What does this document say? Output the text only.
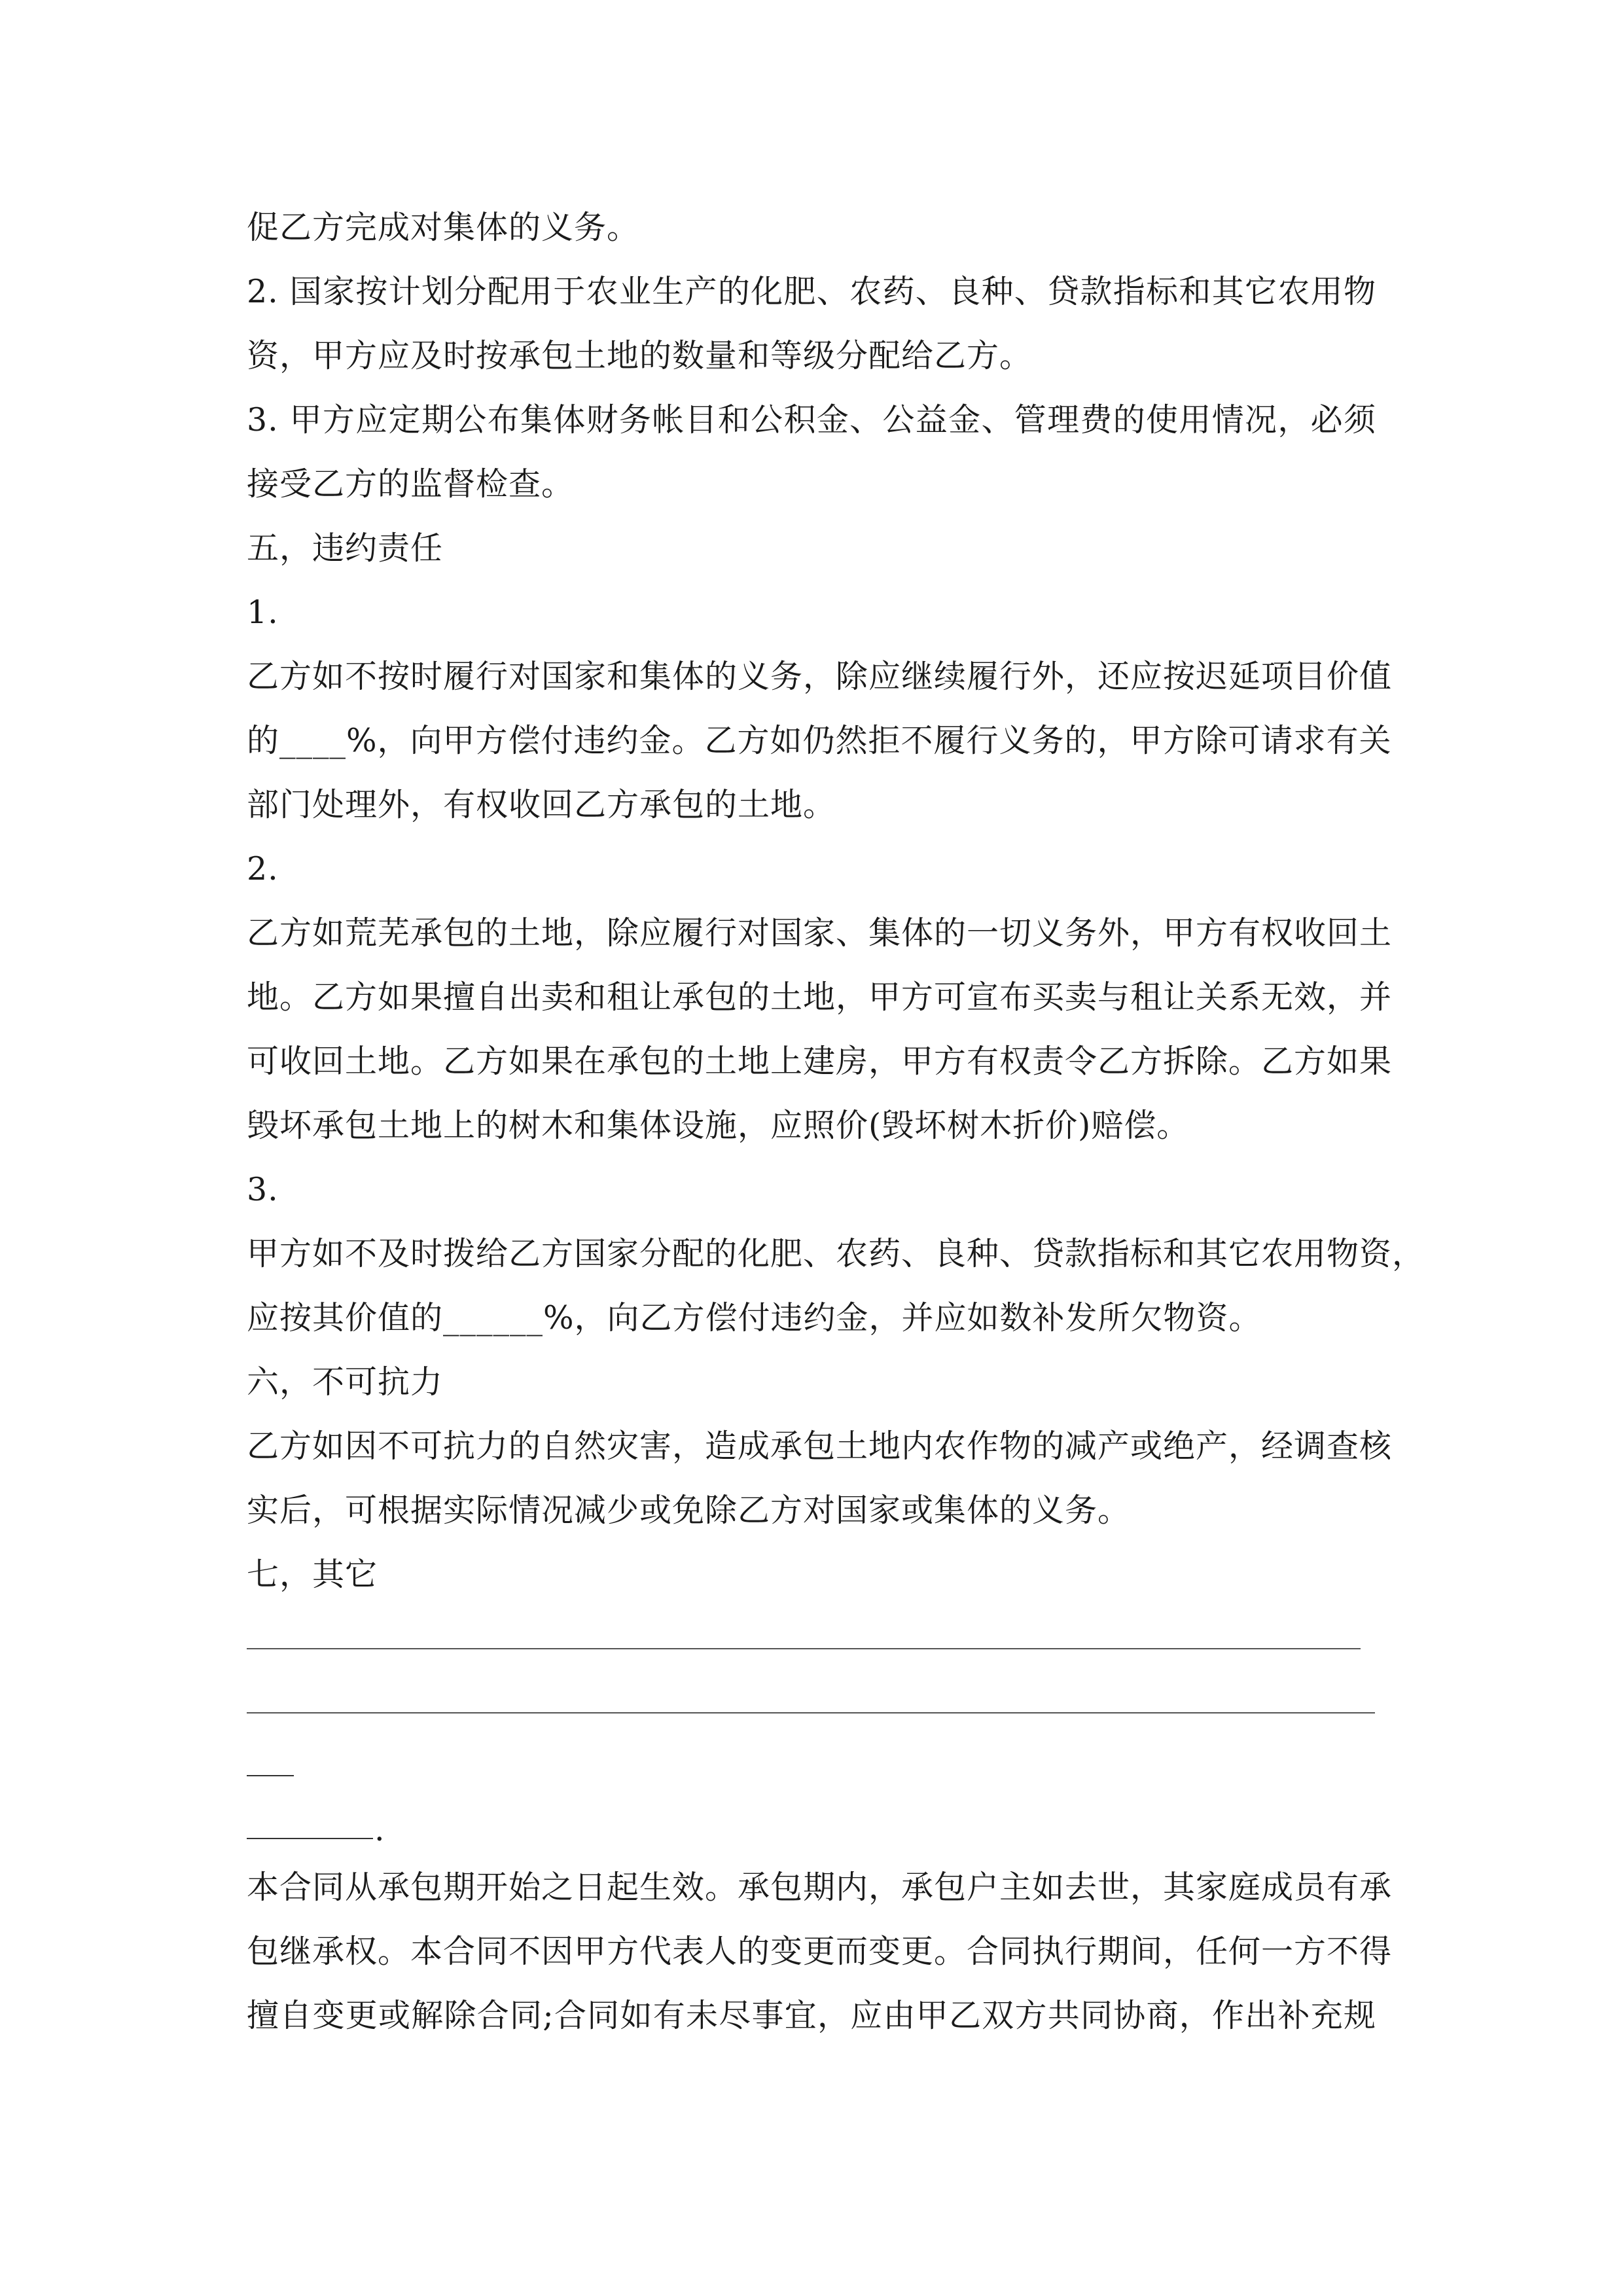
促乙方完成对集体的义务。
2. 国家按计划分配用于农业生产的化肥、农药、良种、贷款指标和其它农用物
资，甲方应及时按承包土地的数量和等级分配给乙方。
3. 甲方应定期公布集体财务帐目和公积金、公益金、管理费的使用情况，必须
接受乙方的监督检查。
五，违约责任
1.
乙方如不按时履行对国家和集体的义务，除应继续履行外，还应按迟延项目价值
的____%，向甲方偿付违约金。乙方如仍然拒不履行义务的，甲方除可请求有关
部门处理外，有权收回乙方承包的土地。
2.
乙方如荒芜承包的土地，除应履行对国家、集体的一切义务外，甲方有权收回土
地。乙方如果擅自出卖和租让承包的土地，甲方可宣布买卖与租让关系无效，并
可收回土地。乙方如果在承包的土地上建房，甲方有权责令乙方拆除。乙方如果
毁坏承包土地上的树木和集体设施，应照价(毁坏树木折价)赔偿。
3.
甲方如不及时拨给乙方国家分配的化肥、农药、良种、贷款指标和其它农用物资，
应按其价值的______%，向乙方偿付违约金，并应如数补发所欠物资。
六，不可抗力
乙方如因不可抗力的自然灾害，造成承包土地内农作物的减产或绝产，经调查核
实后，可根据实际情况减少或免除乙方对国家或集体的义务。
七，其它
.
本合同从承包期开始之日起生效。承包期内，承包户主如去世，其家庭成员有承
包继承权。本合同不因甲方代表人的变更而变更。合同执行期间，任何一方不得
擅自变更或解除合同;合同如有未尽事宜，应由甲乙双方共同协商，作出补充规
